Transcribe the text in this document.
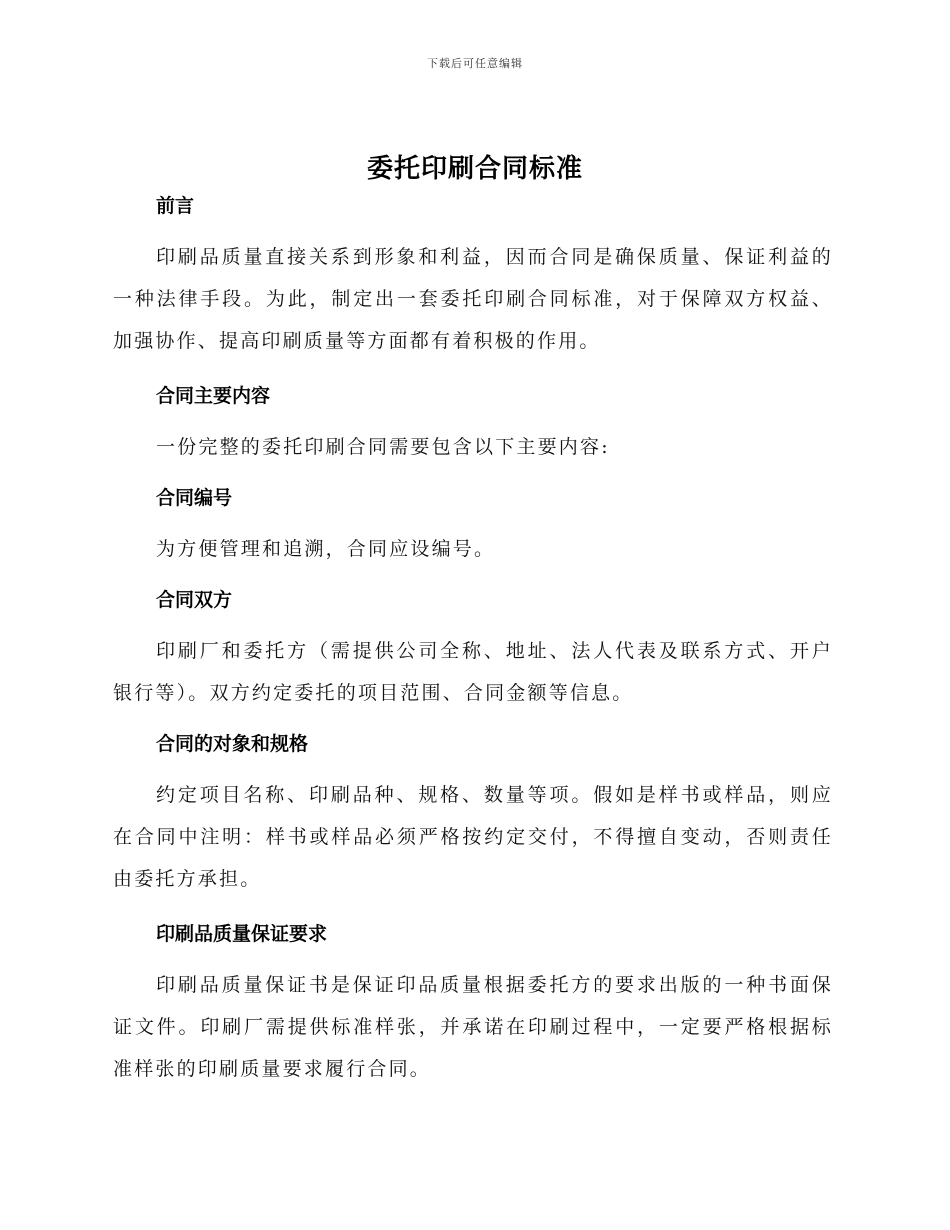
下载后可任意编辑
委托印刷合同标准
前言

印刷品质量直接关系到形象和利益，因而合同是确保质量、保证利益的一种法律手段。为此，制定出一套委托印刷合同标准，对于保障双方权益、加强协作、提高印刷质量等方面都有着积极的作用。

合同主要内容

一份完整的委托印刷合同需要包含以下主要内容:

合同编号

为方便管理和追溯，合同应设编号。

合同双方

印刷厂和委托方（需提供公司全称、地址、法人代表及联系方式、开户银行等）。双方约定委托的项目范围、合同金额等信息。

合同的对象和规格

约定项目名称、印刷品种、规格、数量等项。假如是样书或样品，则应在合同中注明：样书或样品必须严格按约定交付，不得擅自变动，否则责任由委托方承担。

印刷品质量保证要求

印刷品质量保证书是保证印品质量根据委托方的要求出版的一种书面保证文件。印刷厂需提供标准样张，并承诺在印刷过程中，一定要严格根据标准样张的印刷质量要求履行合同。
